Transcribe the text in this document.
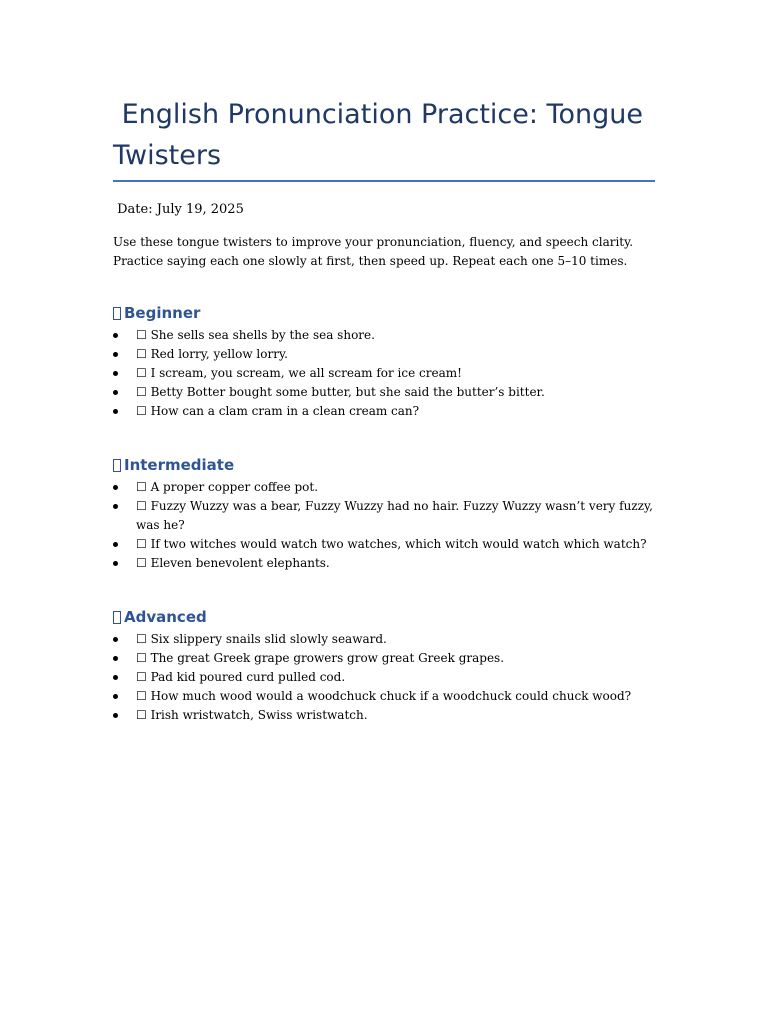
English Pronunciation Practice: Tongue Twisters

Date: July 19, 2025

Use these tongue twisters to improve your pronunciation, fluency, and speech clarity. Practice saying each one slowly at first, then speed up. Repeat each one 5–10 times.

Beginner
☐ She sells sea shells by the sea shore.
☐ Red lorry, yellow lorry.
☐ I scream, you scream, we all scream for ice cream!
☐ Betty Botter bought some butter, but she said the butter’s bitter.
☐ How can a clam cram in a clean cream can?
Intermediate
☐ A proper copper coffee pot.
☐ Fuzzy Wuzzy was a bear, Fuzzy Wuzzy had no hair. Fuzzy Wuzzy wasn’t very fuzzy, was he?
☐ If two witches would watch two watches, which witch would watch which watch?
☐ Eleven benevolent elephants.
Advanced
☐ Six slippery snails slid slowly seaward.
☐ The great Greek grape growers grow great Greek grapes.
☐ Pad kid poured curd pulled cod.
☐ How much wood would a woodchuck chuck if a woodchuck could chuck wood?
☐ Irish wristwatch, Swiss wristwatch.
